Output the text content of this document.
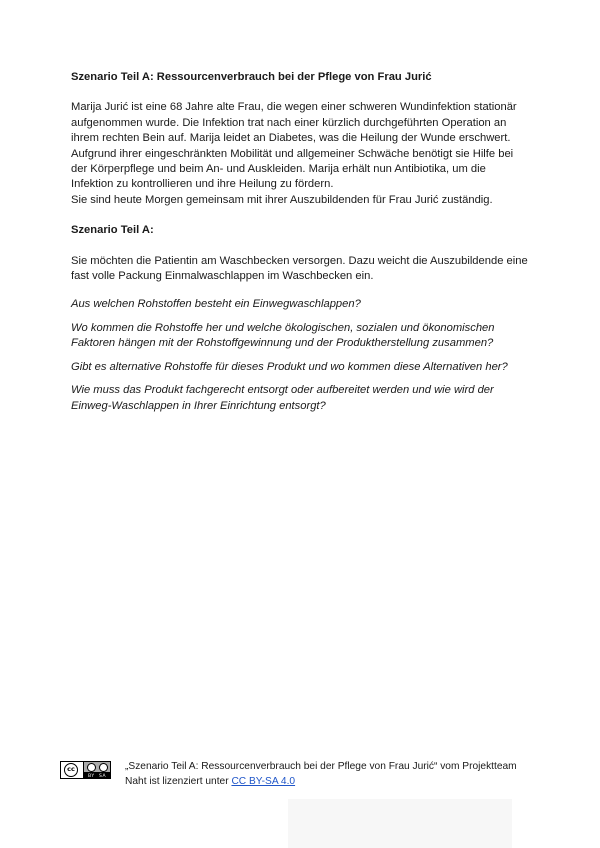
Szenario Teil A: Ressourcenverbrauch bei der Pflege von Frau Jurić

Marija Jurić ist eine 68 Jahre alte Frau, die wegen einer schweren Wundinfektion stationär
aufgenommen wurde. Die Infektion trat nach einer kürzlich durchgeführten Operation an
ihrem rechten Bein auf. Marija leidet an Diabetes, was die Heilung der Wunde erschwert.
Aufgrund ihrer eingeschränkten Mobilität und allgemeiner Schwäche benötigt sie Hilfe bei
der Körperpflege und beim An- und Auskleiden. Marija erhält nun Antibiotika, um die
Infektion zu kontrollieren und ihre Heilung zu fördern.
Sie sind heute Morgen gemeinsam mit ihrer Auszubildenden für Frau Jurić zuständig.

Szenario Teil A:

Sie möchten die Patientin am Waschbecken versorgen. Dazu weicht die Auszubildende eine
fast volle Packung Einmalwaschlappen im Waschbecken ein.
Aus welchen Rohstoffen besteht ein Einwegwaschlappen?
Wo kommen die Rohstoffe her und welche ökologischen, sozialen und ökonomischen
Faktoren hängen mit der Rohstoffgewinnung und der Produktherstellung zusammen?
Gibt es alternative Rohstoffe für dieses Produkt und wo kommen diese Alternativen her?
Wie muss das Produkt fachgerecht entsorgt oder aufbereitet werden und wie wird der
Einweg-Waschlappen in Ihrer Einrichtung entsorgt?
cc
BY SA
„Szenario Teil A: Ressourcenverbrauch bei der Pflege von Frau Jurić“ vom Projektteam
Naht ist lizenziert unter CC BY-SA 4.0
